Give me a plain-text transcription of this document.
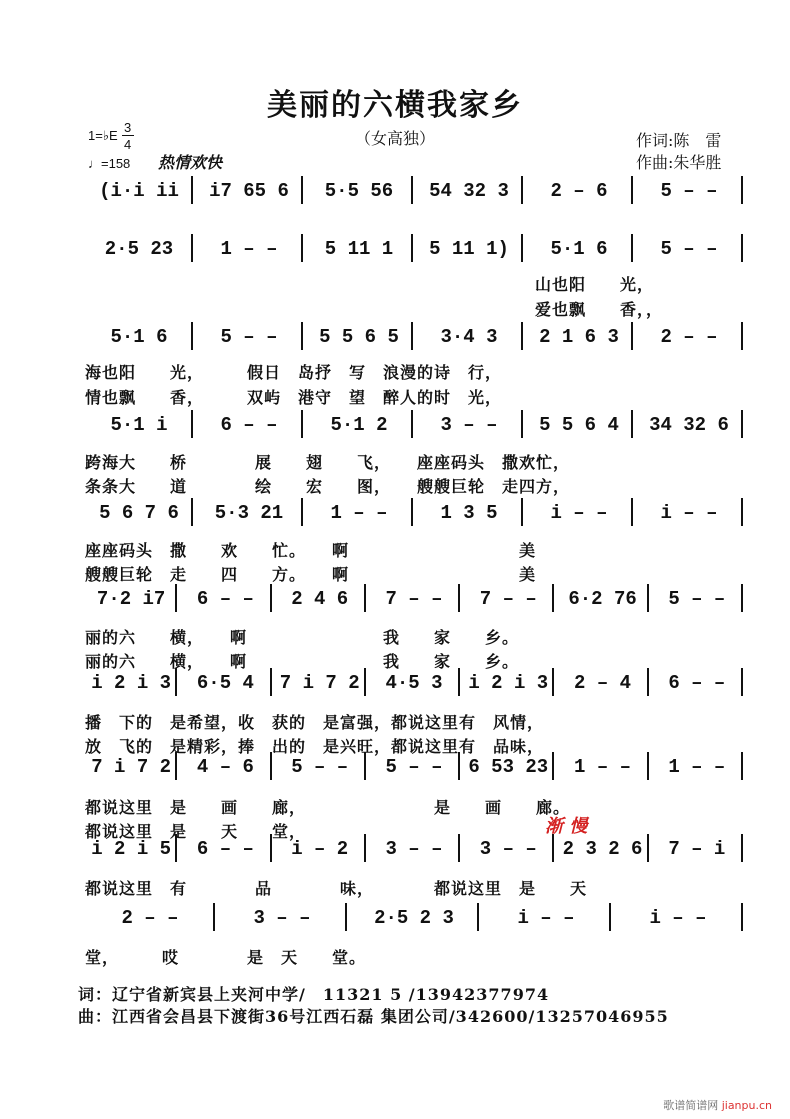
美丽的六横我家乡
（女高独）	作词:陈　雷
作曲:朱华胜
1=♭E
3
4
♩=158 热情欢快
(i·i ii	i7 65 6	5·5 56	54 32 3	2 – 6	5 – –
2·5 23	1 – –	5 11 1	5 11 1)	5·1 6	5 – –
5·1 6	5 – –	5 5 6 5	3·4 3	2 1 6 3	2 – –
5·1 i	6 – –	5·1 2	3 – –	5 5 6 4	34 32 6
5 6 7 6	5·3 21	1 – –	1 3 5	i – –	i – –
7·2 i7	6 – –	2 4 6	7 – –	7 – –	6·2 76	5 – –
i 2 i 3	6·5 4	7 i 7 2	4·5 3	i 2 i 3	2 – 4	6 – –
7 i 7 2	4 – 6	5 – –	5 – –	6 53 23	1 – –	1 – –
i 2 i 5	6 – –	i – 2	3 – –	3 – –	2 3 2 6	7 – i
2 – –	3 – –	2·5 2 3	i – –	i – –
山也阳　　光，
爱也飘　　香，，
海也阳　　光，　　　假日　岛抒　写　浪漫的诗　行，
情也飘　　香，　　　双屿　港守　望　醉人的时　光，
跨海大　　桥　　　　展　　翅　　飞，　　座座码头　撒欢忙，
条条大　　道　　　　绘　　宏　　图，　　艘艘巨轮　走四方，
座座码头　撒　　欢　　忙。　　啊　　　　　　　　　　美
艘艘巨轮　走　　四　　方。　　啊　　　　　　　　　　美
丽的六　　横，　　啊　　　　　　　　我　　家　　乡。
丽的六　　横，　　啊　　　　　　　　我　　家　　乡。
播　下的　是希望，收　获的　是富强，都说这里有　风情，
放　飞的　是精彩，捧　出的　是兴旺，都说这里有　品味，
都说这里　是　　画　　廊，　　　　　　　　是　　画　　廊。
都说这里　是　　天　　堂，	渐 慢
都说这里　有　　　　品　　　　味，　　　　都说这里　是　　天
堂，　　　哎　　　　是　天　　堂。
词：辽宁省新宾县上夹河中学/　11321 5 /13942377974
曲：江西省会昌县下渡街36号江西石磊 集团公司/342600/13257046955
歌谱简谱网 jianpu.cn
